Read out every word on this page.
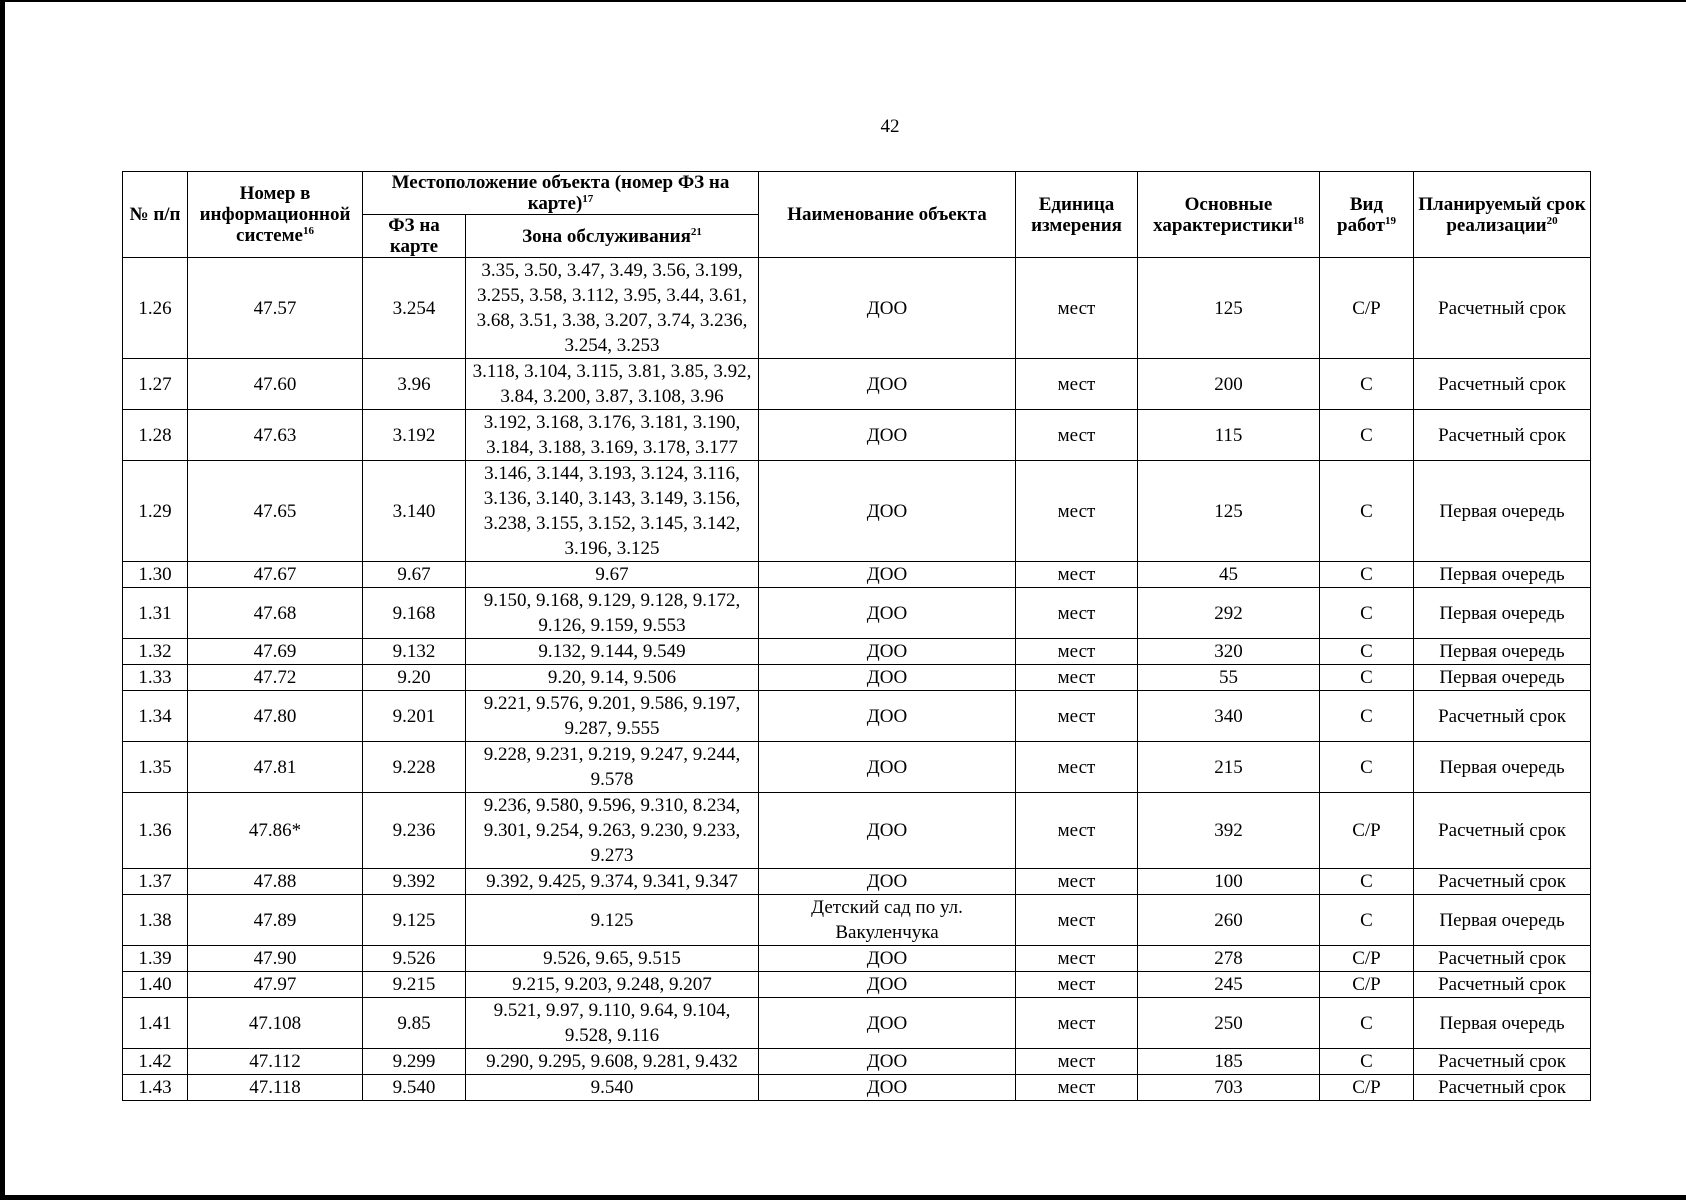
42
№ п/п	Номер в информационной системе$^{16}$	Местоположение объекта (номер ФЗ на карте)$^{17}$		Наименование объекта	Единица измерения	Основные характеристики$^{18}$	Вид работ$^{19}$	Планируемый срок реализации$^{20}$
		ФЗ на карте	Зона обслуживания$^{21}$
1.26	47.57	3.254	3.35, 3.50, 3.47, 3.49, 3.56, 3.199, 3.255, 3.58, 3.112, 3.95, 3.44, 3.61, 3.68, 3.51, 3.38, 3.207, 3.74, 3.236, 3.254, 3.253	ДОО	мест	125	С/Р	Расчетный срок
1.27	47.60	3.96	3.118, 3.104, 3.115, 3.81, 3.85, 3.92, 3.84, 3.200, 3.87, 3.108, 3.96	ДОО	мест	200	С	Расчетный срок
1.28	47.63	3.192	3.192, 3.168, 3.176, 3.181, 3.190, 3.184, 3.188, 3.169, 3.178, 3.177	ДОО	мест	115	С	Расчетный срок
1.29	47.65	3.140	3.146, 3.144, 3.193, 3.124, 3.116, 3.136, 3.140, 3.143, 3.149, 3.156, 3.238, 3.155, 3.152, 3.145, 3.142, 3.196, 3.125	ДОО	мест	125	С	Первая очередь
1.30	47.67	9.67	9.67	ДОО	мест	45	С	Первая очередь
1.31	47.68	9.168	9.150, 9.168, 9.129, 9.128, 9.172, 9.126, 9.159, 9.553	ДОО	мест	292	С	Первая очередь
1.32	47.69	9.132	9.132, 9.144, 9.549	ДОО	мест	320	С	Первая очередь
1.33	47.72	9.20	9.20, 9.14, 9.506	ДОО	мест	55	С	Первая очередь
1.34	47.80	9.201	9.221, 9.576, 9.201, 9.586, 9.197, 9.287, 9.555	ДОО	мест	340	С	Расчетный срок
1.35	47.81	9.228	9.228, 9.231, 9.219, 9.247, 9.244, 9.578	ДОО	мест	215	С	Первая очередь
1.36	47.86*	9.236	9.236, 9.580, 9.596, 9.310, 8.234, 9.301, 9.254, 9.263, 9.230, 9.233, 9.273	ДОО	мест	392	С/Р	Расчетный срок
1.37	47.88	9.392	9.392, 9.425, 9.374, 9.341, 9.347	ДОО	мест	100	С	Расчетный срок
1.38	47.89	9.125	9.125	Детский сад по ул. Вакуленчука	мест	260	С	Первая очередь
1.39	47.90	9.526	9.526, 9.65, 9.515	ДОО	мест	278	С/Р	Расчетный срок
1.40	47.97	9.215	9.215, 9.203, 9.248, 9.207	ДОО	мест	245	С/Р	Расчетный срок
1.41	47.108	9.85	9.521, 9.97, 9.110, 9.64, 9.104, 9.528, 9.116	ДОО	мест	250	С	Первая очередь
1.42	47.112	9.299	9.290, 9.295, 9.608, 9.281, 9.432	ДОО	мест	185	С	Расчетный срок
1.43	47.118	9.540	9.540	ДОО	мест	703	С/Р	Расчетный срок
